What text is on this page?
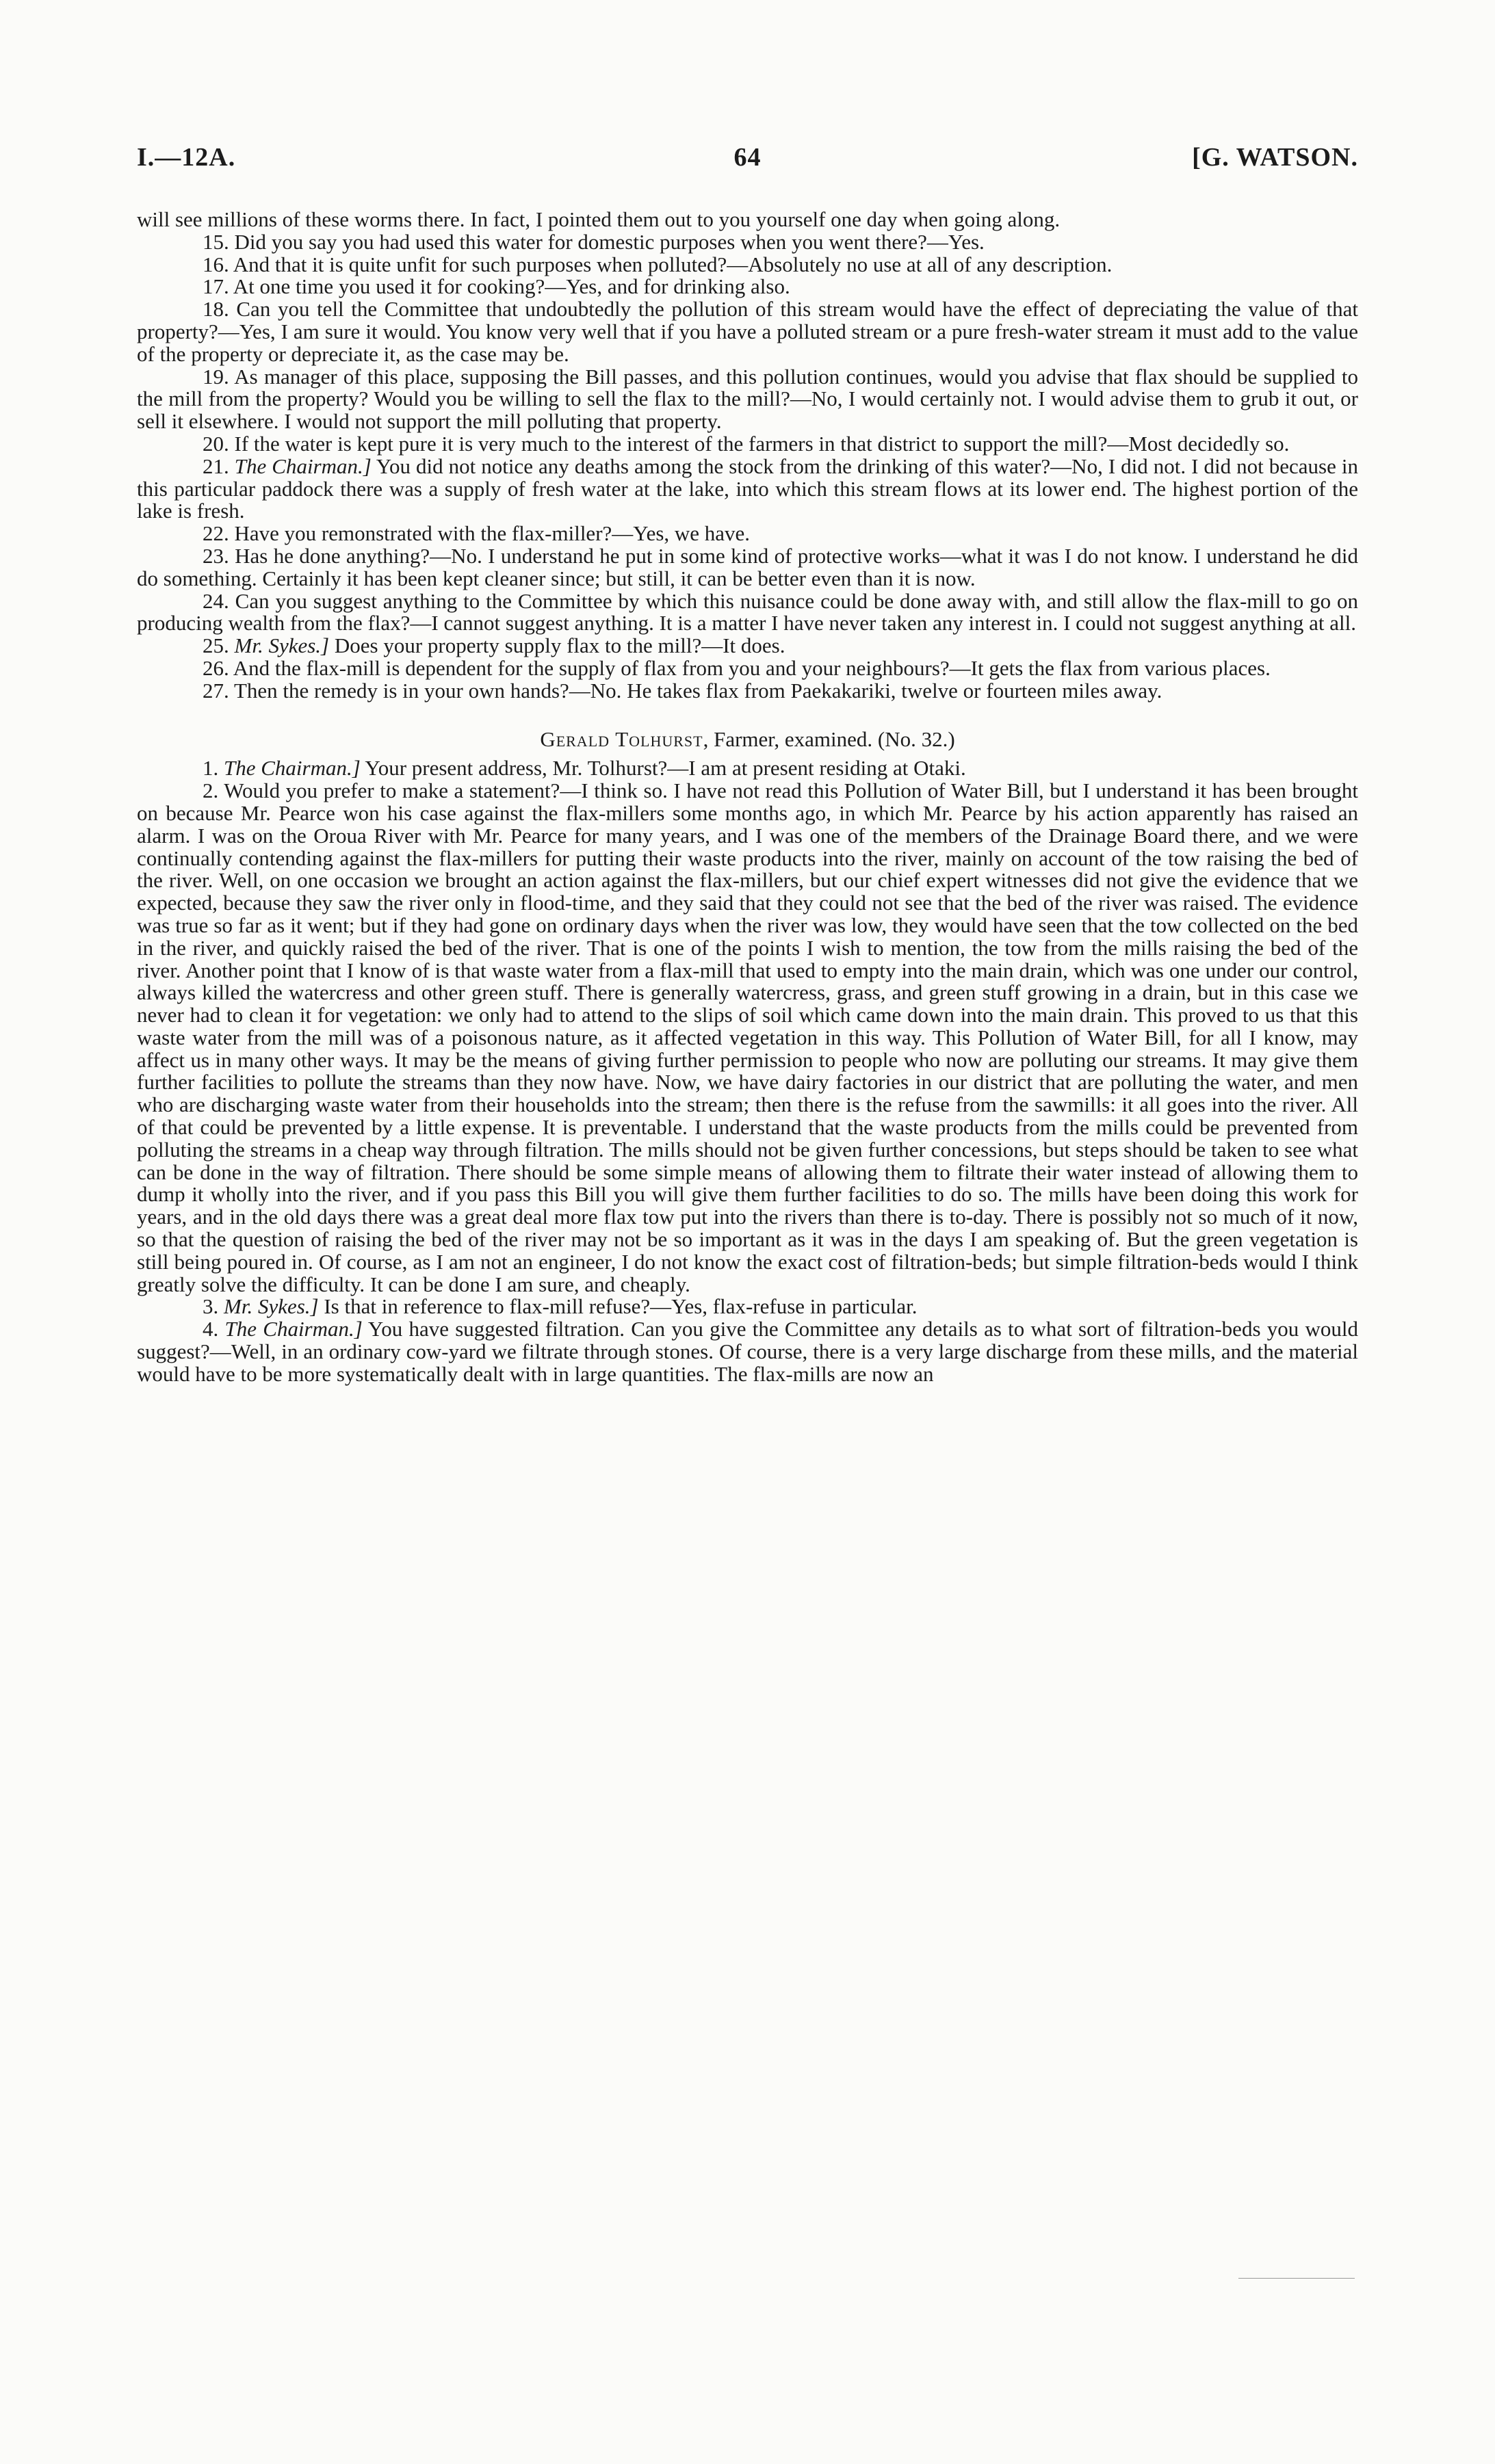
I.—12A.	64	[G. WATSON.

will see millions of these worms there. In fact, I pointed them out to you yourself one day when going along.

15. Did you say you had used this water for domestic purposes when you went there?—Yes.

16. And that it is quite unfit for such purposes when polluted?—Absolutely no use at all of any description.

17. At one time you used it for cooking?—Yes, and for drinking also.

18. Can you tell the Committee that undoubtedly the pollution of this stream would have the effect of depreciating the value of that property?—Yes, I am sure it would. You know very well that if you have a polluted stream or a pure fresh-water stream it must add to the value of the property or depreciate it, as the case may be.

19. As manager of this place, supposing the Bill passes, and this pollution continues, would you advise that flax should be supplied to the mill from the property? Would you be willing to sell the flax to the mill?—No, I would certainly not. I would advise them to grub it out, or sell it elsewhere. I would not support the mill polluting that property.

20. If the water is kept pure it is very much to the interest of the farmers in that district to support the mill?—Most decidedly so.

21. The Chairman.] You did not notice any deaths among the stock from the drinking of this water?—No, I did not. I did not because in this particular paddock there was a supply of fresh water at the lake, into which this stream flows at its lower end. The highest portion of the lake is fresh.

22. Have you remonstrated with the flax-miller?—Yes, we have.

23. Has he done anything?—No. I understand he put in some kind of protective works—what it was I do not know. I understand he did do something. Certainly it has been kept cleaner since; but still, it can be better even than it is now.

24. Can you suggest anything to the Committee by which this nuisance could be done away with, and still allow the flax-mill to go on producing wealth from the flax?—I cannot suggest anything. It is a matter I have never taken any interest in. I could not suggest anything at all.

25. Mr. Sykes.] Does your property supply flax to the mill?—It does.

26. And the flax-mill is dependent for the supply of flax from you and your neighbours?—It gets the flax from various places.

27. Then the remedy is in your own hands?—No. He takes flax from Paekakariki, twelve or fourteen miles away.

Gerald Tolhurst, Farmer, examined. (No. 32.)

1. The Chairman.] Your present address, Mr. Tolhurst?—I am at present residing at Otaki.

2. Would you prefer to make a statement?—I think so. I have not read this Pollution of Water Bill, but I understand it has been brought on because Mr. Pearce won his case against the flax-millers some months ago, in which Mr. Pearce by his action apparently has raised an alarm. I was on the Oroua River with Mr. Pearce for many years, and I was one of the members of the Drainage Board there, and we were continually contending against the flax-millers for putting their waste products into the river, mainly on account of the tow raising the bed of the river. Well, on one occasion we brought an action against the flax-millers, but our chief expert witnesses did not give the evidence that we expected, because they saw the river only in flood-time, and they said that they could not see that the bed of the river was raised. The evidence was true so far as it went; but if they had gone on ordinary days when the river was low, they would have seen that the tow collected on the bed in the river, and quickly raised the bed of the river. That is one of the points I wish to mention, the tow from the mills raising the bed of the river. Another point that I know of is that waste water from a flax-mill that used to empty into the main drain, which was one under our control, always killed the watercress and other green stuff. There is generally watercress, grass, and green stuff growing in a drain, but in this case we never had to clean it for vegetation: we only had to attend to the slips of soil which came down into the main drain. This proved to us that this waste water from the mill was of a poisonous nature, as it affected vegetation in this way. This Pollution of Water Bill, for all I know, may affect us in many other ways. It may be the means of giving further permission to people who now are polluting our streams. It may give them further facilities to pollute the streams than they now have. Now, we have dairy factories in our district that are polluting the water, and men who are discharging waste water from their households into the stream; then there is the refuse from the sawmills: it all goes into the river. All of that could be prevented by a little expense. It is preventable. I understand that the waste products from the mills could be prevented from polluting the streams in a cheap way through filtration. The mills should not be given further concessions, but steps should be taken to see what can be done in the way of filtration. There should be some simple means of allowing them to filtrate their water instead of allowing them to dump it wholly into the river, and if you pass this Bill you will give them further facilities to do so. The mills have been doing this work for years, and in the old days there was a great deal more flax tow put into the rivers than there is to-day. There is possibly not so much of it now, so that the question of raising the bed of the river may not be so important as it was in the days I am speaking of. But the green vegetation is still being poured in. Of course, as I am not an engineer, I do not know the exact cost of filtration-beds; but simple filtration-beds would I think greatly solve the difficulty. It can be done I am sure, and cheaply.

3. Mr. Sykes.] Is that in reference to flax-mill refuse?—Yes, flax-refuse in particular.

4. The Chairman.] You have suggested filtration. Can you give the Committee any details as to what sort of filtration-beds you would suggest?—Well, in an ordinary cow-yard we filtrate through stones. Of course, there is a very large discharge from these mills, and the material would have to be more systematically dealt with in large quantities. The flax-mills are now an
